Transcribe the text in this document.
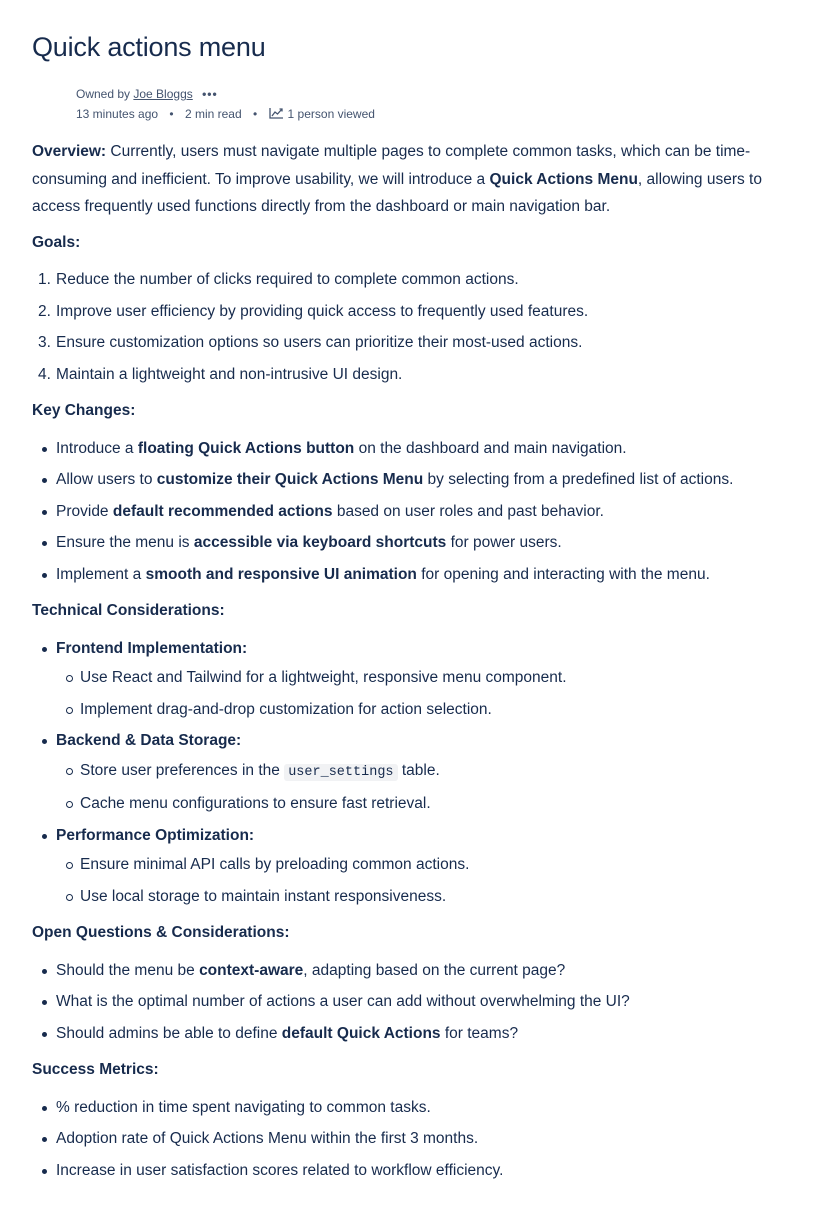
Quick actions menu
Owned by Joe Bloggs •••
13 minutes ago • 2 min read •	1 person viewed

Overview: Currently, users must navigate multiple pages to complete common tasks, which can be time-consuming and inefficient. To improve usability, we will introduce a Quick Actions Menu, allowing users to access frequently used functions directly from the dashboard or main navigation bar.

Goals:

Reduce the number of clicks required to complete common actions.
Improve user efficiency by providing quick access to frequently used features.
Ensure customization options so users can prioritize their most-used actions.
Maintain a lightweight and non-intrusive UI design.

Key Changes:

Introduce a floating Quick Actions button on the dashboard and main navigation.
Allow users to customize their Quick Actions Menu by selecting from a predefined list of actions.
Provide default recommended actions based on user roles and past behavior.
Ensure the menu is accessible via keyboard shortcuts for power users.
Implement a smooth and responsive UI animation for opening and interacting with the menu.

Technical Considerations:

Frontend Implementation:
Use React and Tailwind for a lightweight, responsive menu component.
Implement drag-and-drop customization for action selection.
Backend & Data Storage:
Store user preferences in the user_settings table.
Cache menu configurations to ensure fast retrieval.
Performance Optimization:
Ensure minimal API calls by preloading common actions.
Use local storage to maintain instant responsiveness.

Open Questions & Considerations:

Should the menu be context-aware, adapting based on the current page?
What is the optimal number of actions a user can add without overwhelming the UI?
Should admins be able to define default Quick Actions for teams?

Success Metrics:

% reduction in time spent navigating to common tasks.
Adoption rate of Quick Actions Menu within the first 3 months.
Increase in user satisfaction scores related to workflow efficiency.
